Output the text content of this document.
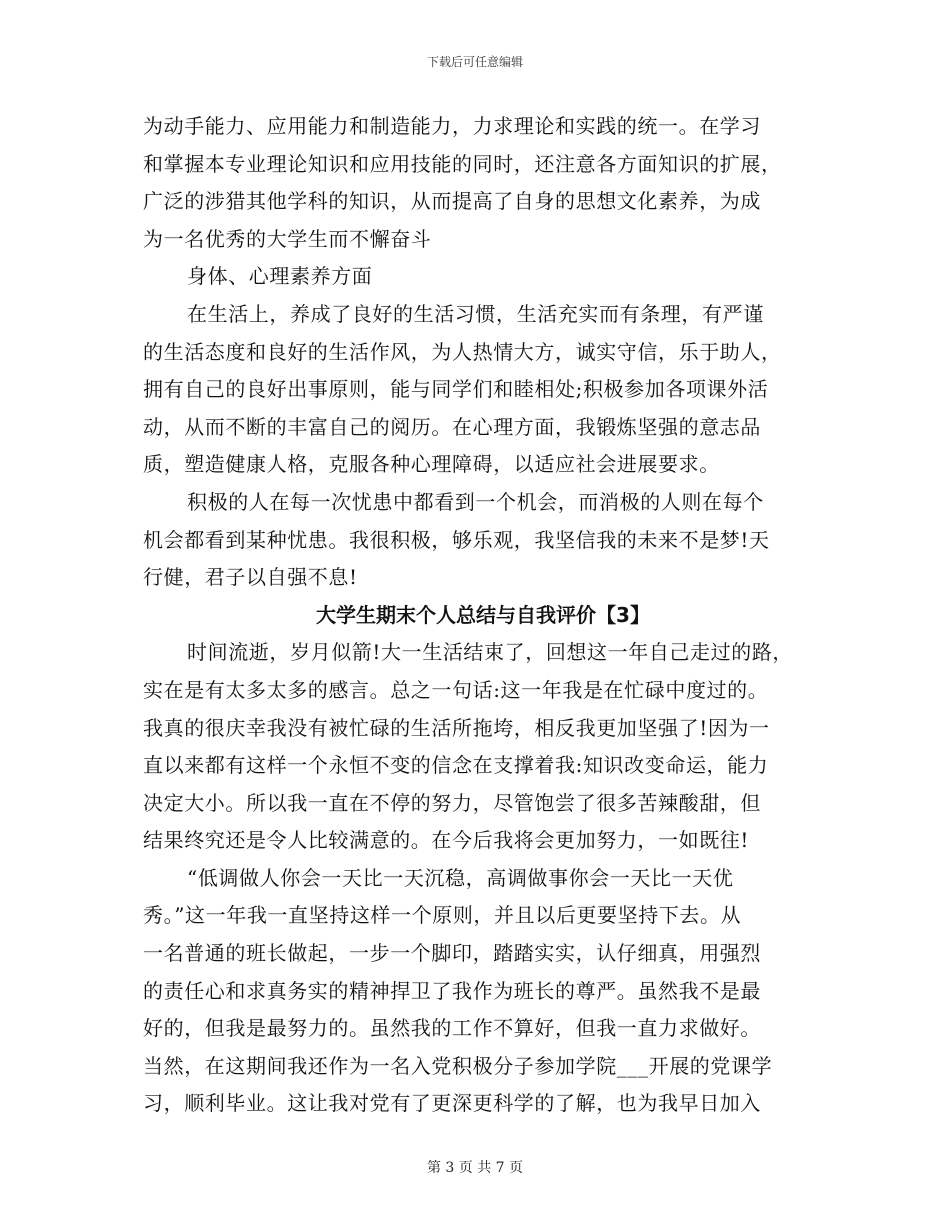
下载后可任意编辑
为动手能力、应用能力和制造能力，力求理论和实践的统一。在学习
和掌握本专业理论知识和应用技能的同时，还注意各方面知识的扩展，
广泛的涉猎其他学科的知识，从而提高了自身的思想文化素养，为成
为一名优秀的大学生而不懈奋斗
身体、心理素养方面
在生活上，养成了良好的生活习惯，生活充实而有条理，有严谨
的生活态度和良好的生活作风，为人热情大方，诚实守信，乐于助人，
拥有自己的良好出事原则，能与同学们和睦相处;积极参加各项课外活
动，从而不断的丰富自己的阅历。在心理方面，我锻炼坚强的意志品
质，塑造健康人格，克服各种心理障碍，以适应社会进展要求。
积极的人在每一次忧患中都看到一个机会，而消极的人则在每个
机会都看到某种忧患。我很积极，够乐观，我坚信我的未来不是梦!天
行健，君子以自强不息!
大学生期末个人总结与自我评价【3】
时间流逝，岁月似箭!大一生活结束了，回想这一年自己走过的路，
实在是有太多太多的感言。总之一句话:这一年我是在忙碌中度过的。
我真的很庆幸我没有被忙碌的生活所拖垮，相反我更加坚强了!因为一
直以来都有这样一个永恒不变的信念在支撑着我:知识改变命运，能力
决定大小。所以我一直在不停的努力，尽管饱尝了很多苦辣酸甜，但
结果终究还是令人比较满意的。在今后我将会更加努力，一如既往!
“低调做人你会一天比一天沉稳，高调做事你会一天比一天优
秀。”这一年我一直坚持这样一个原则，并且以后更要坚持下去。从
一名普通的班长做起，一步一个脚印，踏踏实实，认仔细真，用强烈
的责任心和求真务实的精神捍卫了我作为班长的尊严。虽然我不是最
好的，但我是最努力的。虽然我的工作不算好，但我一直力求做好。
当然，在这期间我还作为一名入党积极分子参加学院___开展的党课学
习，顺利毕业。这让我对党有了更深更科学的了解，也为我早日加入
第 3 页 共 7 页
